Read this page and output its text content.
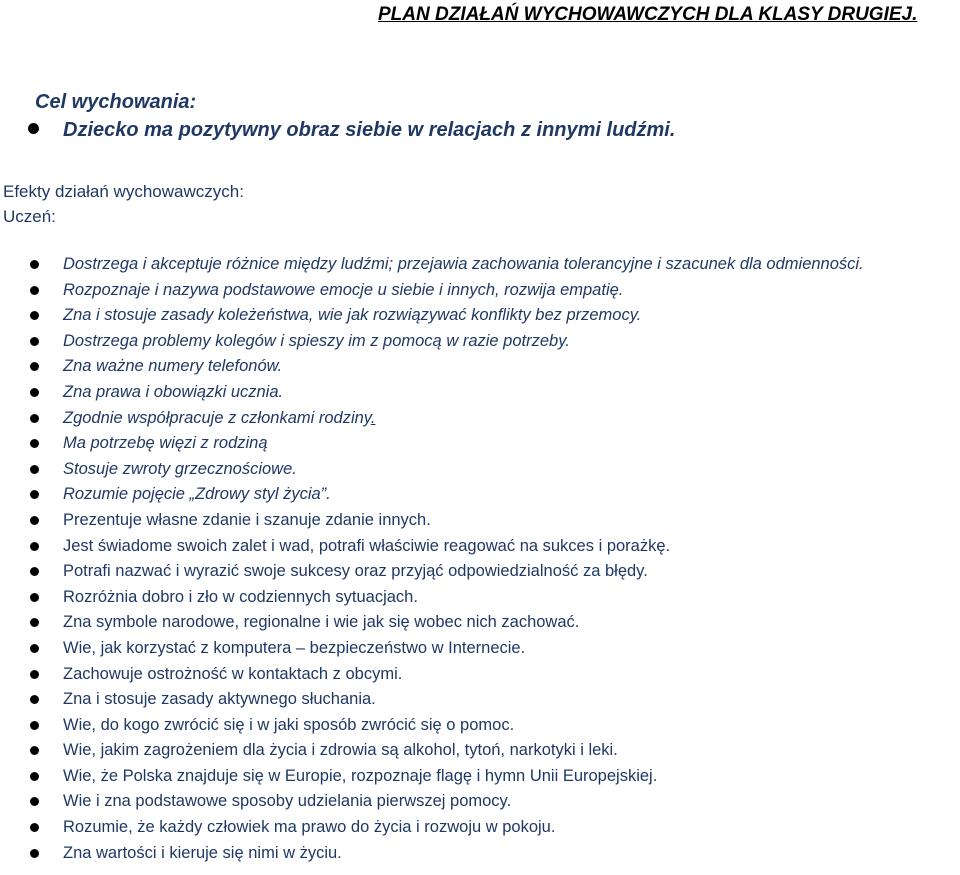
PLAN DZIAŁAŃ WYCHOWAWCZYCH DLA KLASY DRUGIEJ.
Cel wychowania:
Dziecko ma pozytywny obraz siebie w relacjach z innymi ludźmi.
Efekty działań wychowawczych:
Uczeń:
Dostrzega i akceptuje różnice między ludźmi; przejawia zachowania tolerancyjne i szacunek dla odmienności.
Rozpoznaje i nazywa podstawowe emocje u siebie i innych, rozwija empatię.
Zna i stosuje zasady koleżeństwa, wie jak rozwiązywać konflikty bez przemocy.
Dostrzega problemy kolegów i spieszy im z pomocą w razie potrzeby.
Zna ważne numery telefonów.
Zna prawa i obowiązki ucznia.
Zgodnie współpracuje z członkami rodziny.
Ma potrzebę więzi z rodziną
Stosuje zwroty grzecznościowe.
Rozumie pojęcie „Zdrowy styl życia”.
Prezentuje własne zdanie i szanuje zdanie innych.
Jest świadome swoich zalet i wad, potrafi właściwie reagować na sukces i porażkę.
Potrafi nazwać i wyrazić swoje sukcesy oraz przyjąć odpowiedzialność za błędy.
Rozróżnia dobro i zło w codziennych sytuacjach.
Zna symbole narodowe, regionalne i wie jak się wobec nich zachować.
Wie, jak korzystać z komputera – bezpieczeństwo w Internecie.
Zachowuje ostrożność w kontaktach z obcymi.
Zna i stosuje zasady aktywnego słuchania.
Wie, do kogo zwrócić się i w jaki sposób zwrócić się o pomoc.
Wie, jakim zagrożeniem dla życia i zdrowia są alkohol, tytoń, narkotyki i leki.
Wie, że Polska znajduje się w Europie, rozpoznaje flagę i hymn Unii Europejskiej.
Wie i zna podstawowe sposoby udzielania pierwszej pomocy.
Rozumie, że każdy człowiek ma prawo do życia i rozwoju w pokoju.
Zna wartości i kieruje się nimi w życiu.
